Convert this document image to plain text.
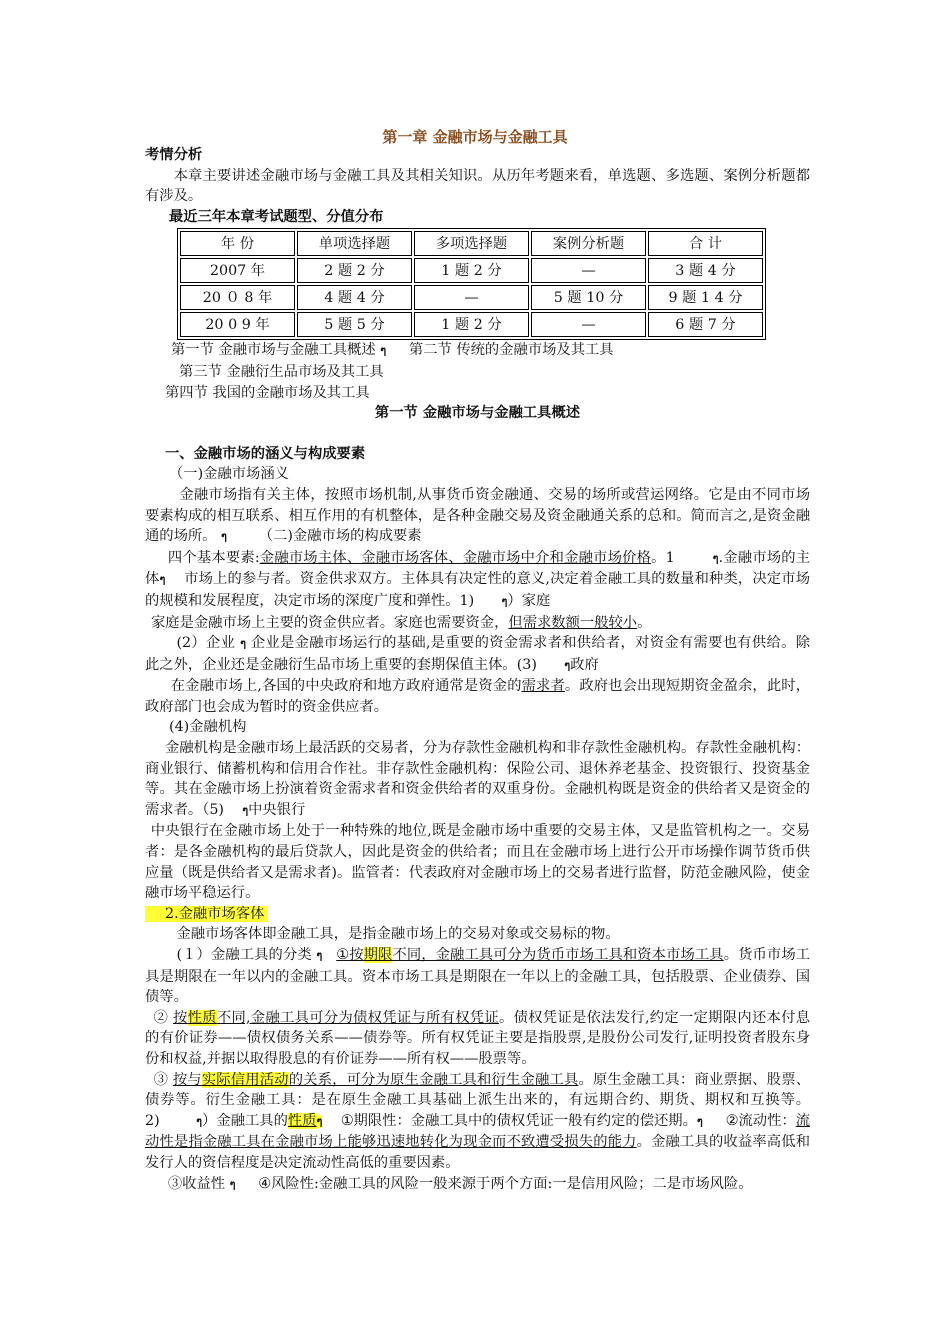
第一章 金融市场与金融工具

考情分析

本章主要讲述金融市场与金融工具及其相关知识。从历年考题来看，单选题、多选题、案例分析题都有涉及。

最近三年本章考试题型、分值分布

年 份	单项选择题	多项选择题	案例分析题	合 计
2007 年	2 题 2 分	1 题 2 分	—	3 题 4 分
20 ０ 8 年	4 题 4 分	—	5 题 10 分	9 题 1 4 分
20 0 9 年	5 题 5 分	1 题 2 分	—	6 题 7 分

第一节 金融市场与金融工具概述 ๆ 第二节 传统的金融市场及其工具

第三节 金融衍生品市场及其工具

第四节 我国的金融市场及其工具

第一节 金融市场与金融工具概述

一、金融市场的涵义与构成要素

（一)金融市场涵义

金融市场指有关主体，按照市场机制,从事货币资金融通、交易的场所或营运网络。它是由不同市场要素构成的相互联系、相互作用的有机整体，是各种金融交易及资金融通关系的总和。简而言之,是资金融通的场所。 ๆ （二)金融市场的构成要素

四个基本要素:金融市场主体、金融市场客体、金融市场中介和金融市场价格。1	ๆ.金融市场的主体ๆ 市场上的参与者。资金供求双方。主体具有决定性的意义,决定着金融工具的数量和种类，决定市场的规模和发展程度，决定市场的深度广度和弹性。1) ๆ）家庭

家庭是金融市场上主要的资金供应者。家庭也需要资金，但需求数额一般较小。

(2）企业 ๆ 企业是金融市场运行的基础,是重要的资金需求者和供给者，对资金有需要也有供给。除此之外，企业还是金融衍生品市场上重要的套期保值主体。(3) ๆ政府

在金融市场上,各国的中央政府和地方政府通常是资金的需求者。政府也会出现短期资金盈余，此时，政府部门也会成为暂时的资金供应者。

(4)金融机构

金融机构是金融市场上最活跃的交易者，分为存款性金融机构和非存款性金融机构。存款性金融机构：商业银行、储蓄机构和信用合作社。非存款性金融机构：保险公司、退休养老基金、投资银行、投资基金等。其在金融市场上扮演着资金需求者和资金供给者的双重身份。金融机构既是资金的供给者又是资金的需求者。（5) ๆ中央银行

中央银行在金融市场上处于一种特殊的地位,既是金融市场中重要的交易主体，又是监管机构之一。交易者：是各金融机构的最后贷款人，因此是资金的供给者；而且在金融市场上进行公开市场操作调节货币供应量（既是供给者又是需求者)。监管者：代表政府对金融市场上的交易者进行监督，防范金融风险，使金融市场平稳运行。

2.金融市场客体

金融市场客体即金融工具，是指金融市场上的交易对象或交易标的物。

(１）金融工具的分类 ๆ ①按期限不同，金融工具可分为货币市场工具和资本市场工具。货币市场工具是期限在一年以内的金融工具。资本市场工具是期限在一年以上的金融工具，包括股票、企业债券、国债等。

② 按性质不同,金融工具可分为债权凭证与所有权凭证。债权凭证是依法发行,约定一定期限内还本付息的有价证券——债权债务关系——债券等。所有权凭证主要是指股票,是股份公司发行,证明投资者股东身份和权益,并据以取得股息的有价证券——所有权——股票等。

③ 按与实际信用活动的关系，可分为原生金融工具和衍生金融工具。原生金融工具：商业票据、股票、债券等。衍生金融工具：是在原生金融工具基础上派生出来的，有远期合约、期货、期权和互换等。2)	ๆ）金融工具的性质ๆ ①期限性：金融工具中的债权凭证一般有约定的偿还期。ๆ ②流动性：流动性是指金融工具在金融市场上能够迅速地转化为现金而不致遭受损失的能力。金融工具的收益率高低和发行人的资信程度是决定流动性高低的重要因素。

③收益性 ๆ ④风险性:金融工具的风险一般来源于两个方面:一是信用风险；二是市场风险。
